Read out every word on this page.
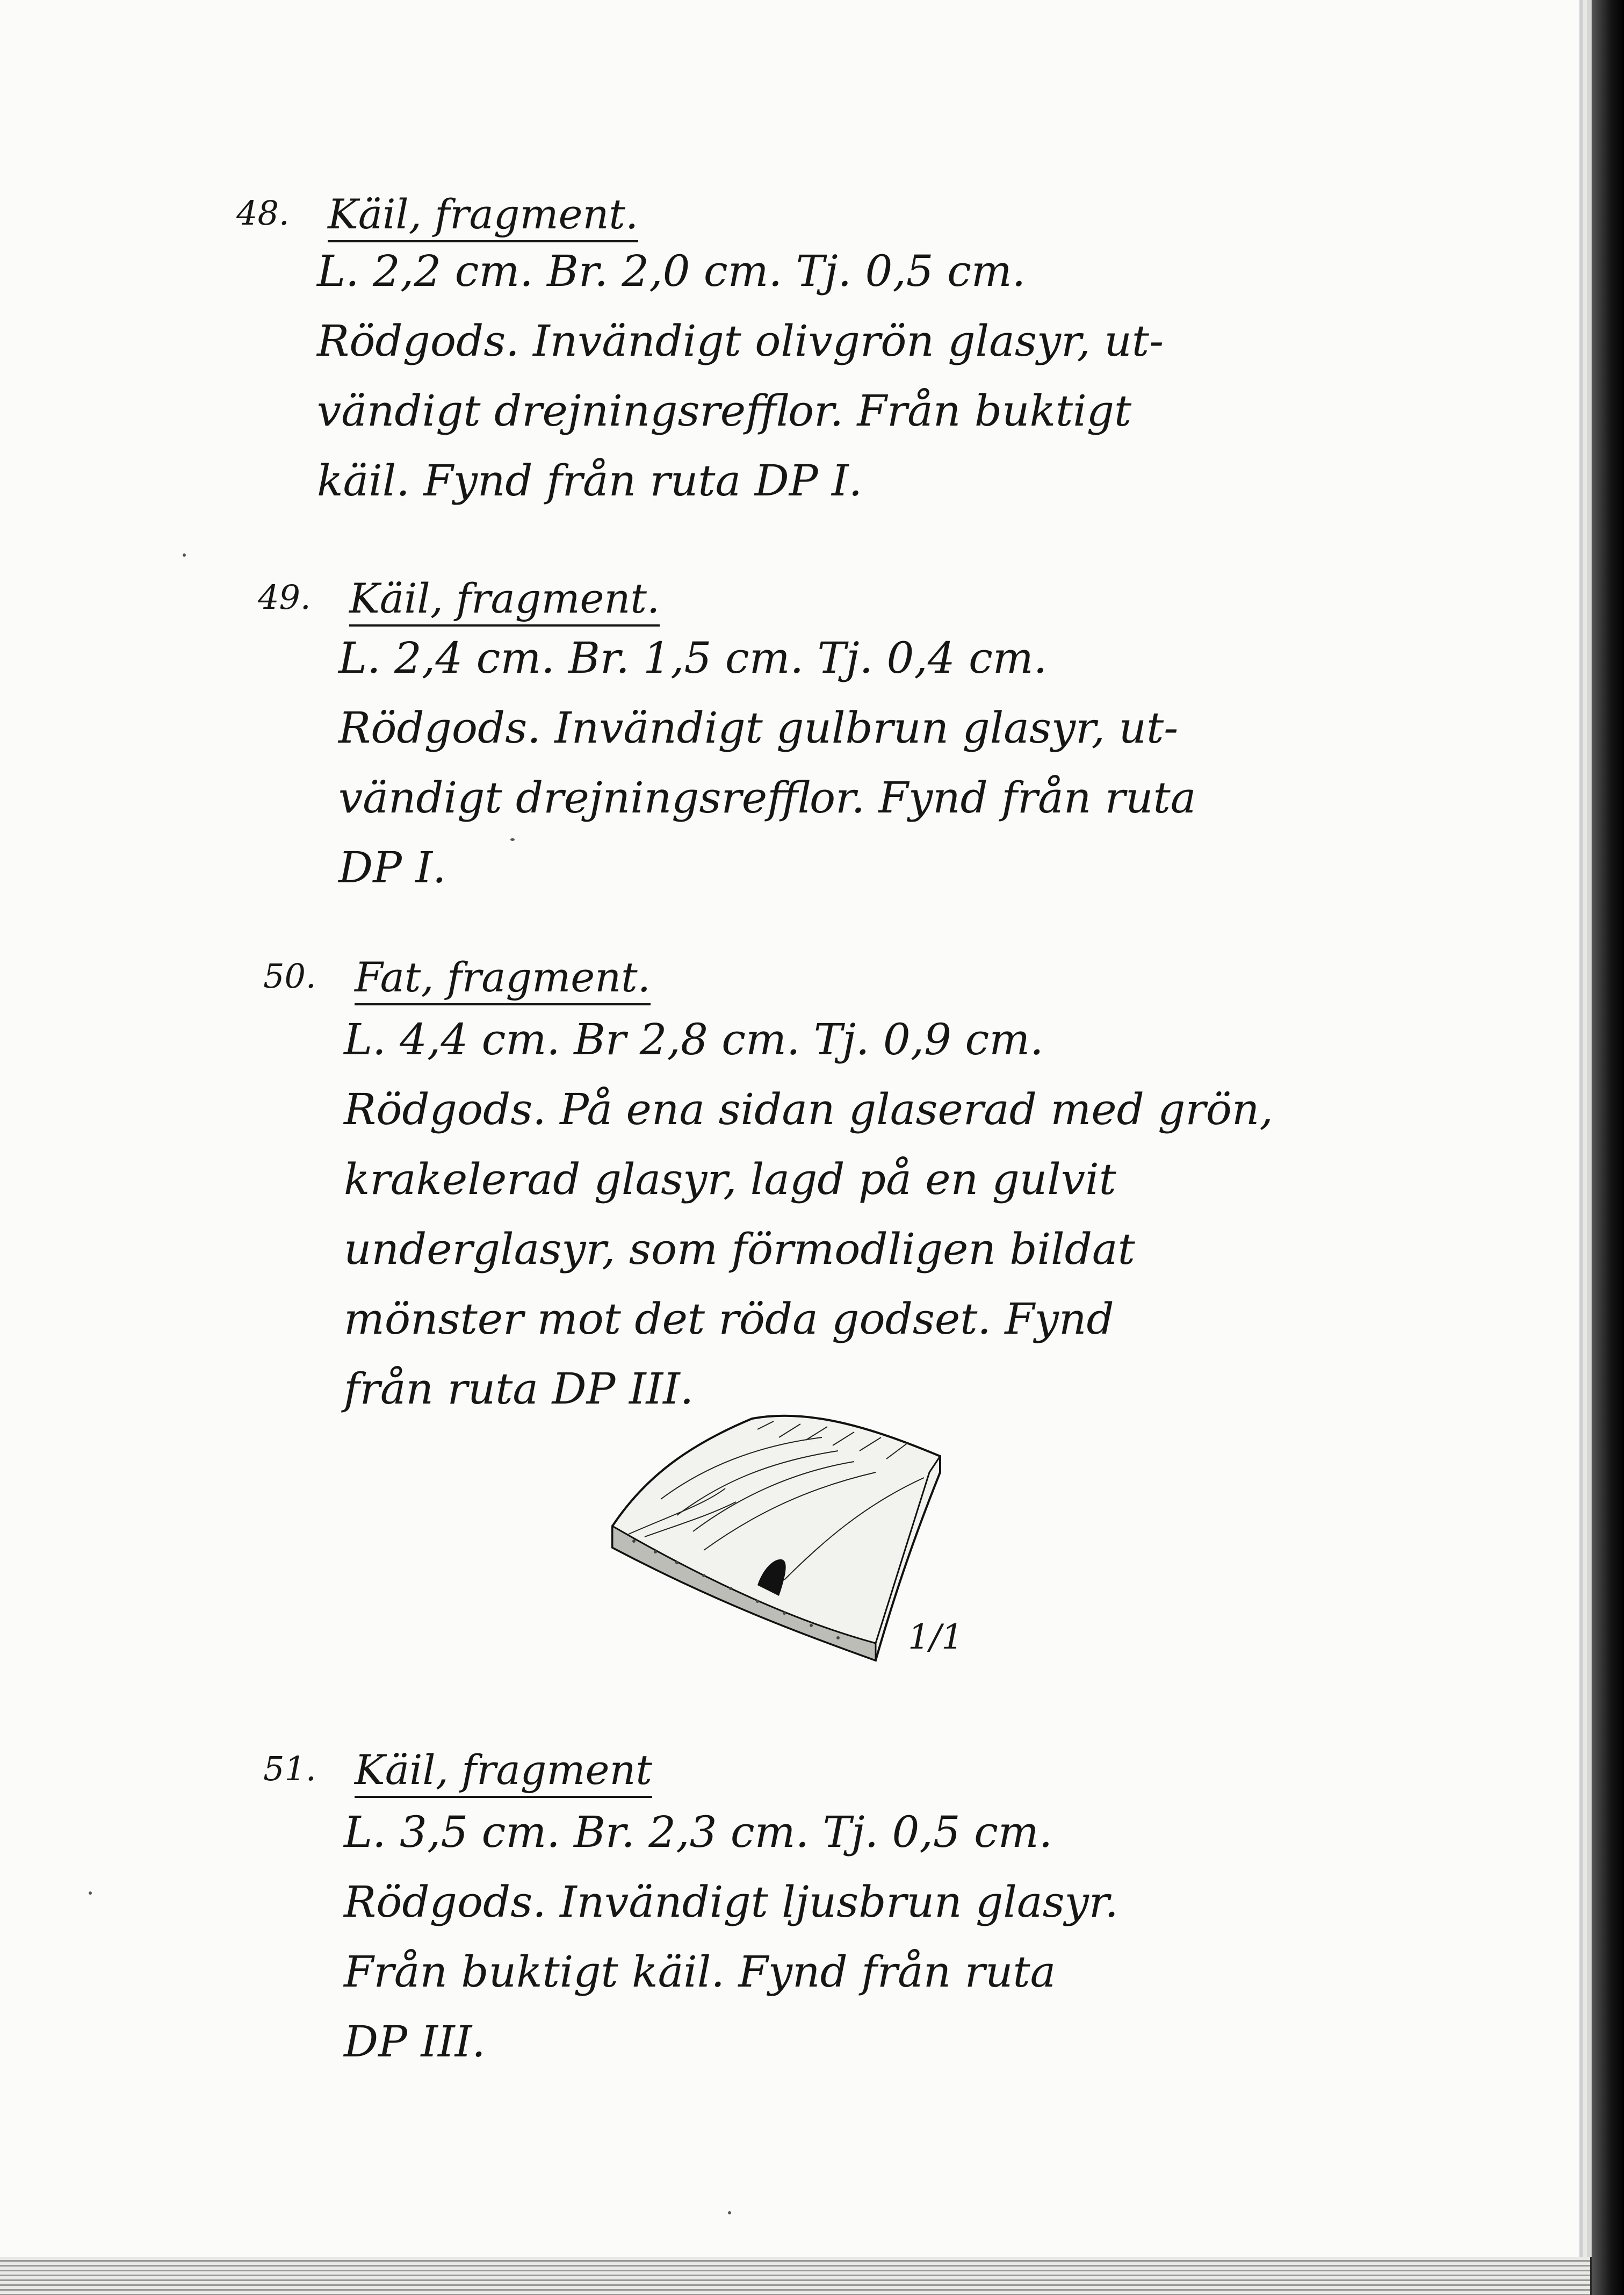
48. Käil, fragment.
L. 2,2 cm. Br. 2,0 cm. Tj. 0,5 cm.
Rödgods. Invändigt olivgrön glasyr, ut-
vändigt drejningsrefflor. Från buktigt
käil. Fynd från ruta DP I.
49. Käil, fragment.
L. 2,4 cm. Br. 1,5 cm. Tj. 0,4 cm.
Rödgods. Invändigt gulbrun glasyr, ut-
vändigt drejningsrefflor. Fynd från ruta
DP I.
50. Fat, fragment.
L. 4,4 cm. Br 2,8 cm. Tj. 0,9 cm.
Rödgods. På ena sidan glaserad med grön,
krakelerad glasyr, lagd på en gulvit
underglasyr, som förmodligen bildat
mönster mot det röda godset. Fynd
från ruta DP III.
1/1
51. Käil, fragment
L. 3,5 cm. Br. 2,3 cm. Tj. 0,5 cm.
Rödgods. Invändigt ljusbrun glasyr.
Från buktigt käil. Fynd från ruta
DP III.
